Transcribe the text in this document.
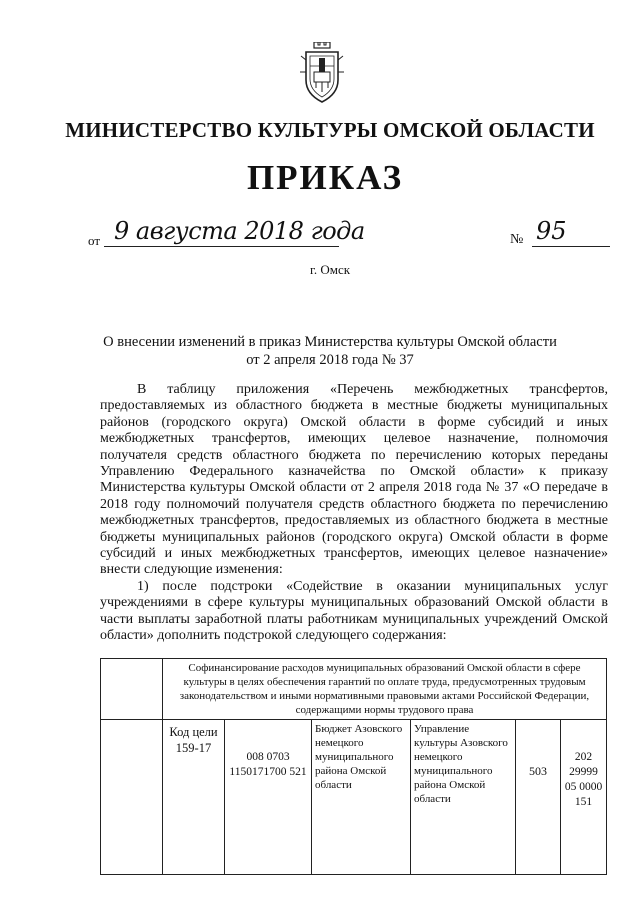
МИНИСТЕРСТВО КУЛЬТУРЫ ОМСКОЙ ОБЛАСТИ
ПРИКАЗ
от 9 августа 2018 года	№ 95
г. Омск
О внесении изменений в приказ Министерства культуры Омской области
от 2 апреля 2018 года № 37

В таблицу приложения «Перечень межбюджетных трансфертов, предоставляемых из областного бюджета в местные бюджеты муниципальных районов (городского округа) Омской области в форме субсидий и иных межбюджетных трансфертов, имеющих целевое назначение, полномочия получателя средств областного бюджета по перечислению которых переданы Управлению Федерального казначейства по Омской области» к приказу Министерства культуры Омской области от 2 апреля 2018 года № 37 «О передаче в 2018 году полномочий получателя средств областного бюджета по перечислению межбюджетных трансфертов, предоставляемых из областного бюджета в местные бюджеты муниципальных районов (городского округа) Омской области в форме субсидий и иных межбюджетных трансфертов, имеющих целевое назначение» внести следующие изменения:

1) после подстроки «Содействие в оказании муниципальных услуг учреждениями в сфере культуры муниципальных образований Омской области в части выплаты заработной платы работникам муниципальных учреждений Омской области» дополнить подстрокой следующего содержания:

	Софинансирование расходов муниципальных образований Омской области в сфере культуры в целях обеспечения гарантий по оплате труда, предусмотренных трудовым законодательством и иными нормативными правовыми актами Российской Федерации, содержащими нормы трудового права					
	Код цели 159-17	008 0703 1150171700 521	Бюджет Азовского немецкого муниципального района Омской области	Управление культуры Азовского немецкого муниципального района Омской области	503	202 29999 05 0000 151
